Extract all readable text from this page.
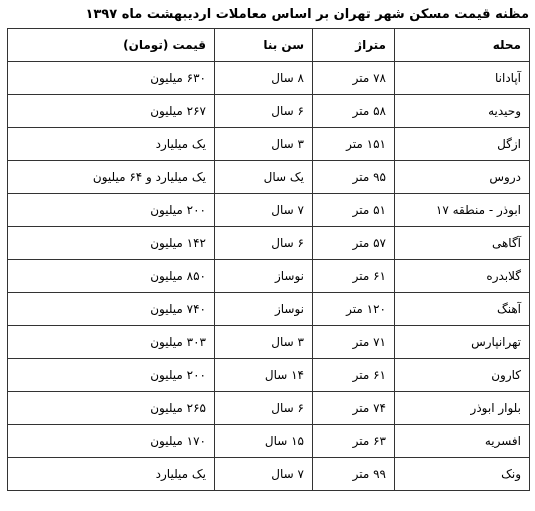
مظنه قیمت مسکن شهر تهران بر اساس معاملات اردیبهشت ماه ۱۳۹۷
محله	متراژ	سن بنا	قیمت (تومان)
آپادانا	۷۸ متر	۸ سال	۶۳۰ میلیون
وحیدیه	۵۸ متر	۶ سال	۲۶۷ میلیون
ازگل	۱۵۱ متر	۳ سال	یک میلیارد
دروس	۹۵ متر	یک سال	یک میلیارد و ۶۴ میلیون
ابوذر - منطقه ۱۷	۵۱ متر	۷ سال	۲۰۰ میلیون
آگاهی	۵۷ متر	۶ سال	۱۴۲ میلیون
گلابدره	۶۱ متر	نوساز	۸۵۰ میلیون
آهنگ	۱۲۰ متر	نوساز	۷۴۰ میلیون
تهرانپارس	۷۱ متر	۳ سال	۳۰۳ میلیون
کارون	۶۱ متر	۱۴ سال	۲۰۰ میلیون
بلوار ابوذر	۷۴ متر	۶ سال	۲۶۵ میلیون
افسریه	۶۳ متر	۱۵ سال	۱۷۰ میلیون
ونک	۹۹ متر	۷ سال	یک میلیارد
